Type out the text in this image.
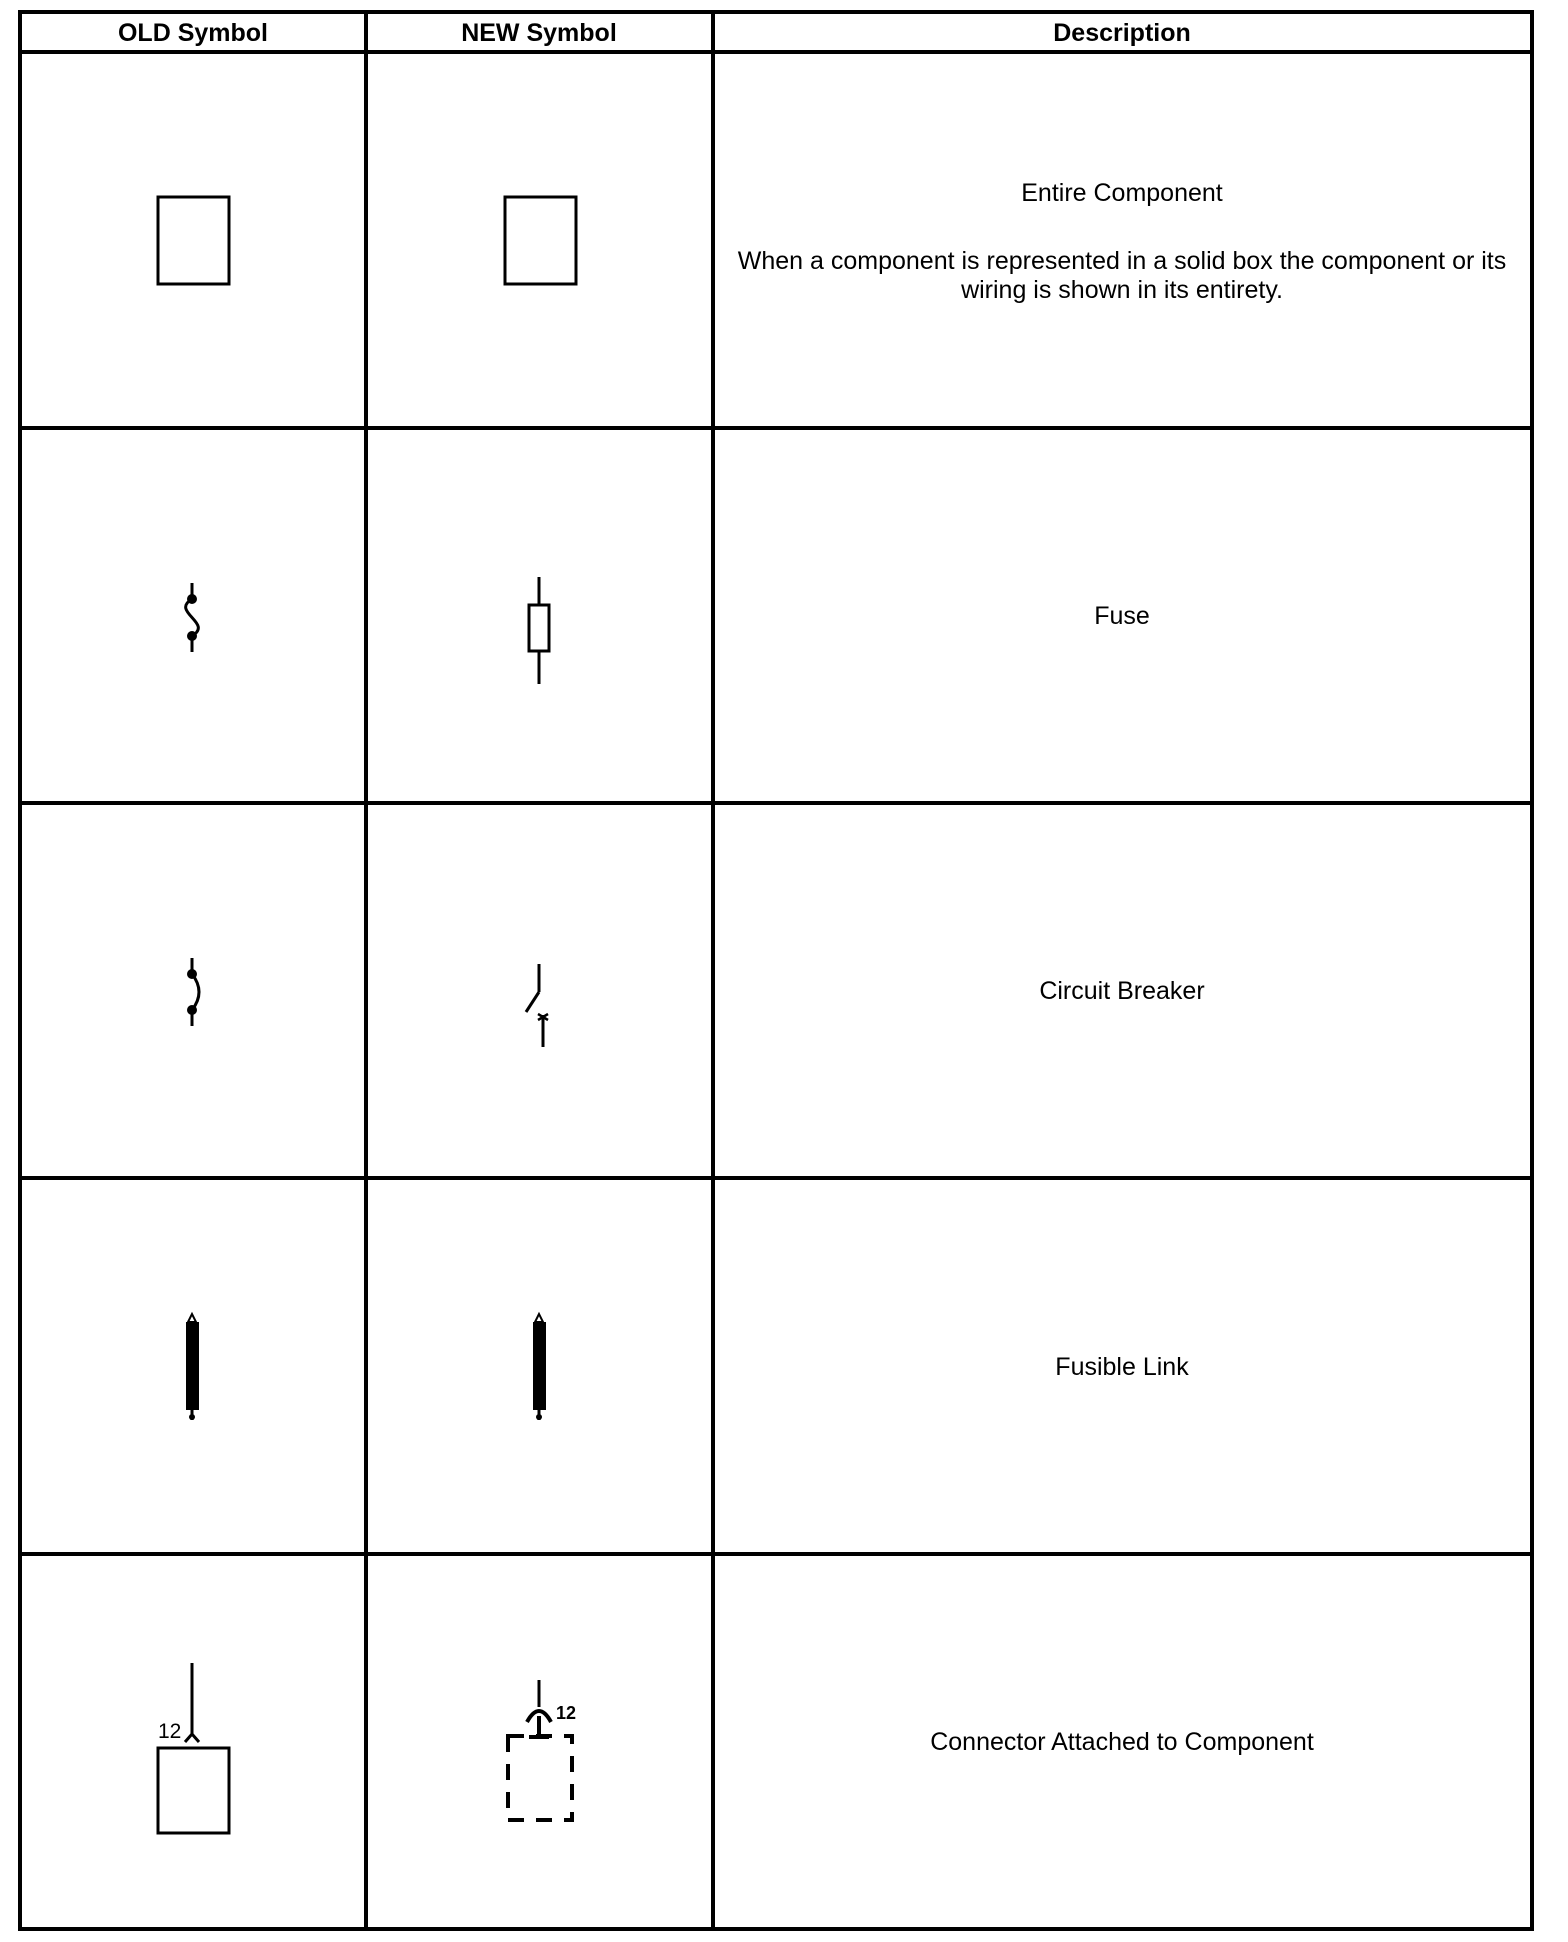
OLD Symbol	NEW Symbol	Description
Entire Component
When a component is represented in a solid box the component or its
wiring is shown in its entirety.
Fuse
Circuit Breaker
Fusible Link
12
12
Connector Attached to Component
